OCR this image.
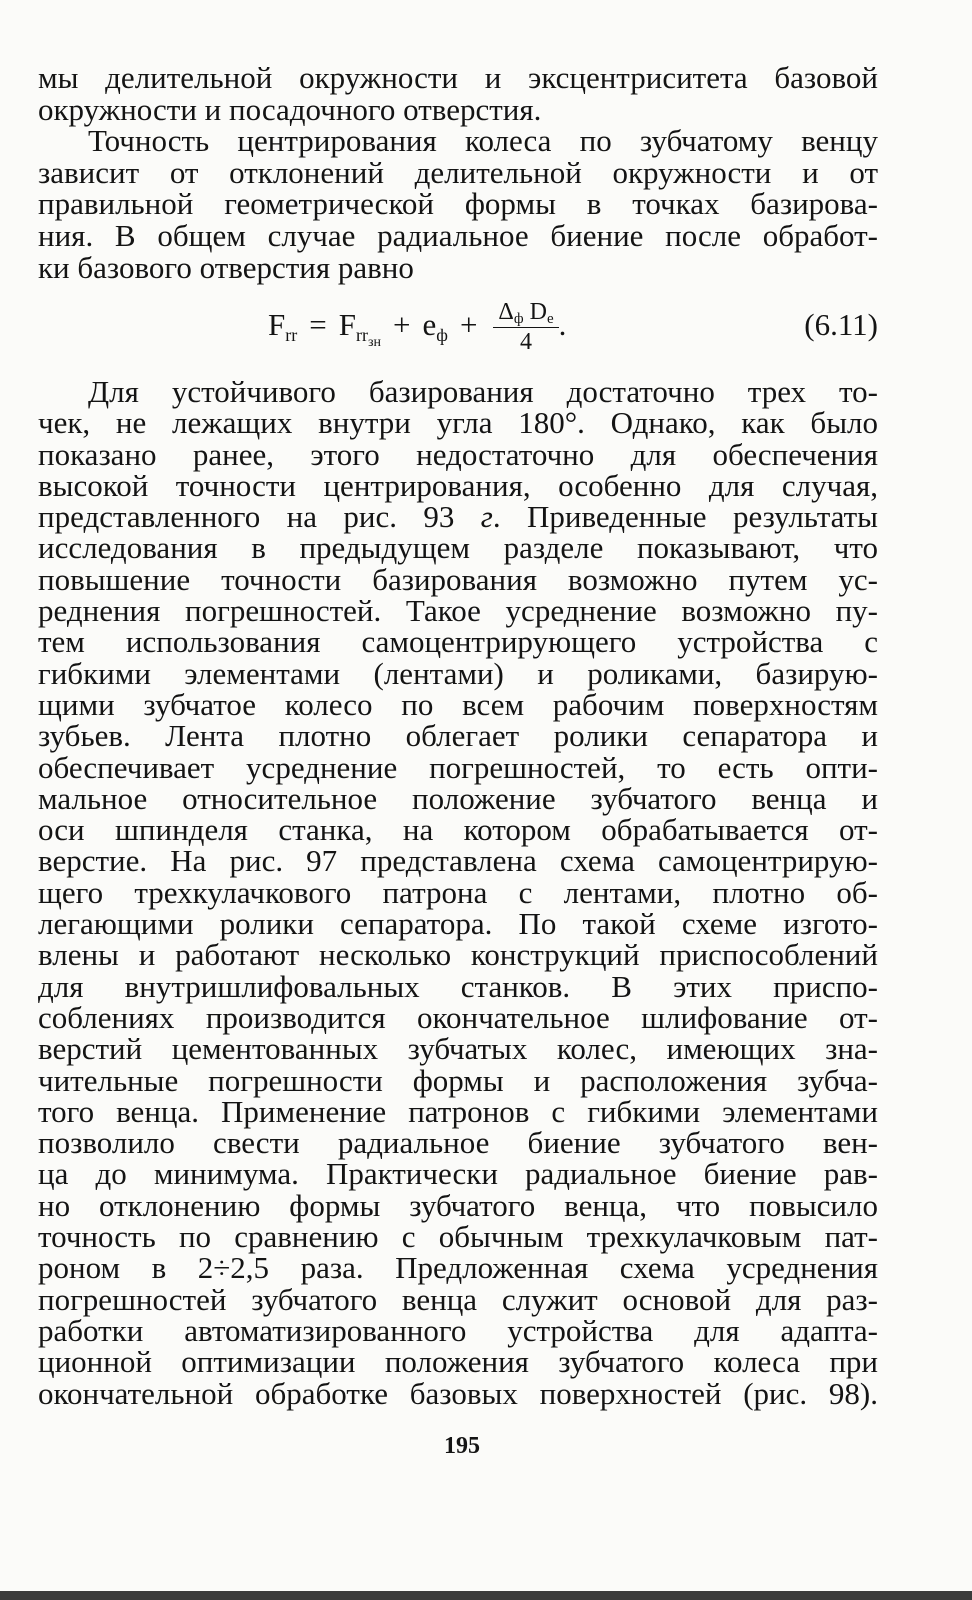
мы делительной окружности и эксцентриситета базовой
окружности и посадочного отверстия.
Точность центрирования колеса по зубчатому венцу
зависит от отклонений делительной окружности и от
правильной геометрической формы в точках базирова-
ния. В общем случае радиальное биение после обработ-
ки базового отверстия равно
$F_{rr} = F_{rr_{зн}}+ e_ф + \frac{\Delta_ф D_e}{4}$ .	(6.11)
Для устойчивого базирования достаточно трех то-
чек, не лежащих внутри угла 180°. Однако, как было
показано ранее, этого недостаточно для обеспечения
высокой точности центрирования, особенно для случая,
представленного на рис. 93 г. Приведенные результаты
исследования в предыдущем разделе показывают, что
повышение точности базирования возможно путем ус-
реднения погрешностей. Такое усреднение возможно пу-
тем использования самоцентрирующего устройства с
гибкими элементами (лентами) и роликами, базирую-
щими зубчатое колесо по всем рабочим поверхностям
зубьев. Лента плотно облегает ролики сепаратора и
обеспечивает усреднение погрешностей, то есть опти-
мальное относительное положение зубчатого венца и
оси шпинделя станка, на котором обрабатывается от-
верстие. На рис. 97 представлена схема самоцентрирую-
щего трехкулачкового патрона с лентами, плотно об-
легающими ролики сепаратора. По такой схеме изгото-
влены и работают несколько конструкций приспособлений
для внутришлифовальных станков. В этих приспо-
соблениях производится окончательное шлифование от-
верстий цементованных зубчатых колес, имеющих зна-
чительные погрешности формы и расположения зубча-
того венца. Применение патронов с гибкими элементами
позволило свести радиальное биение зубчатого вен-
ца до минимума. Практически радиальное биение рав-
но отклонению формы зубчатого венца, что повысило
точность по сравнению с обычным трехкулачковым пат-
роном в 2÷2,5 раза. Предложенная схема усреднения
погрешностей зубчатого венца служит основой для раз-
работки автоматизированного устройства для адапта-
ционной оптимизации положения зубчатого колеса при
окончательной обработке базовых поверхностей (рис. 98).
195
